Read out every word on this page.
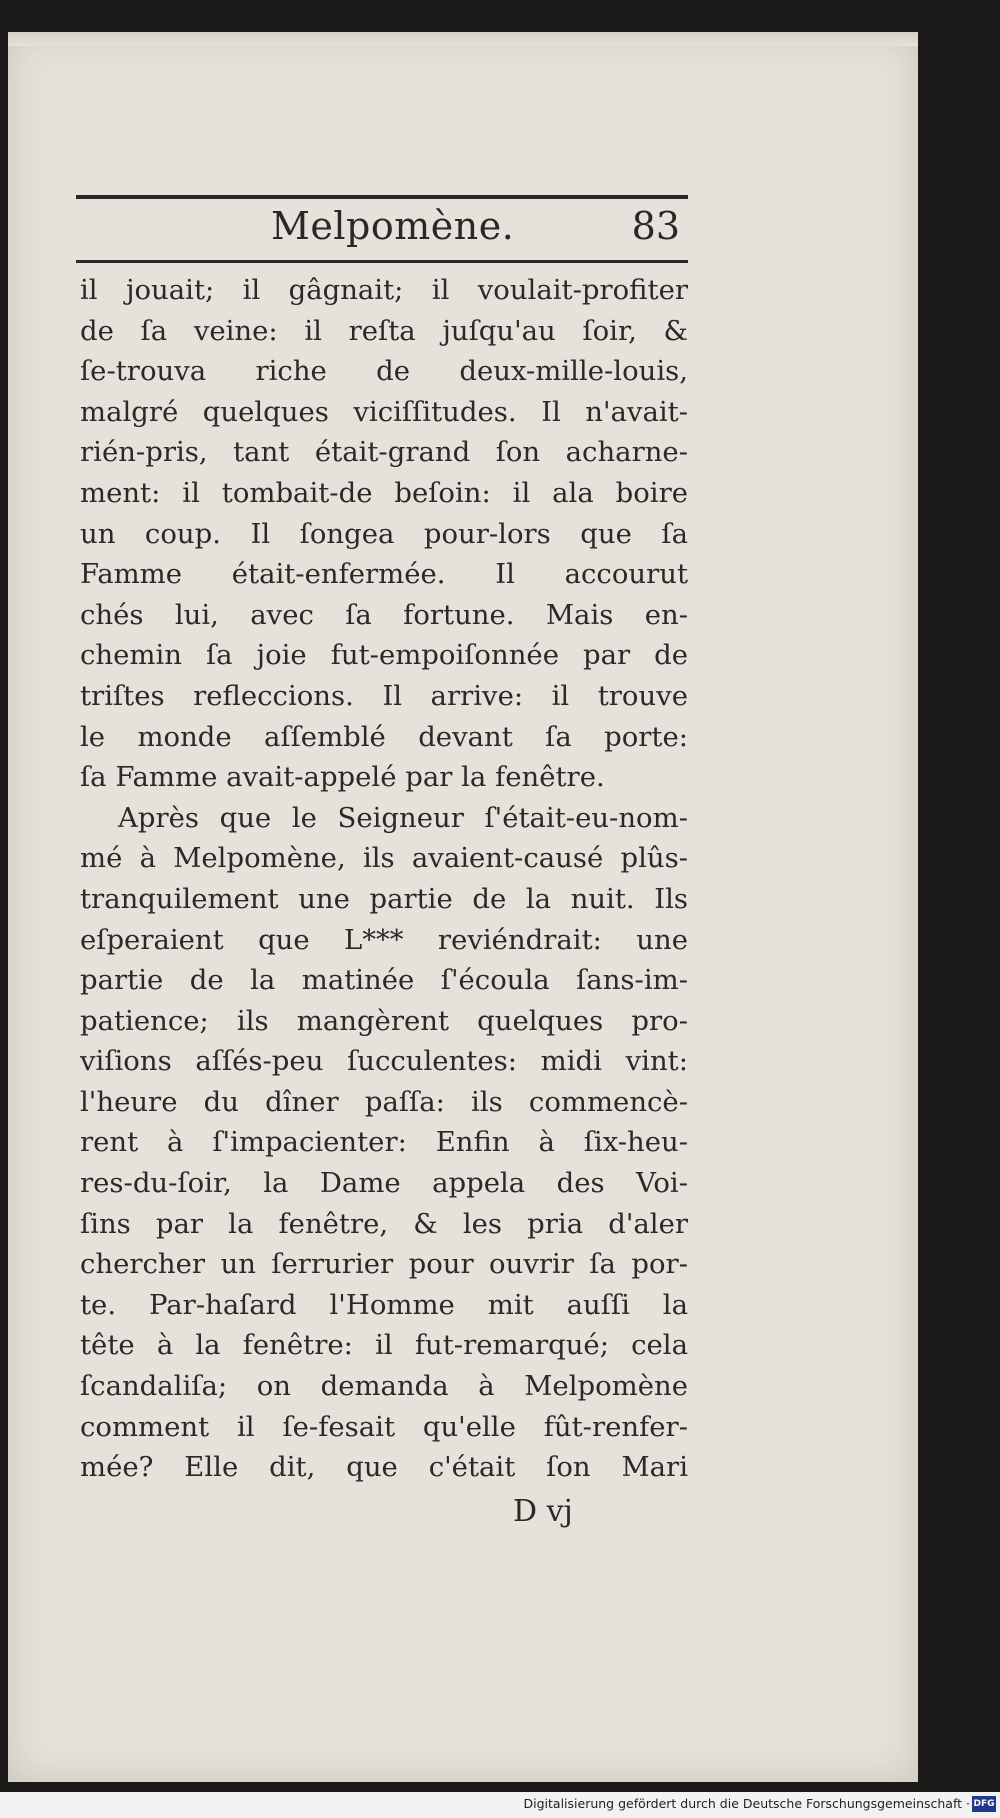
Melpomène.	83
il jouait; il gâgnait; il voulait-profiter
de ſa veine: il reſta juſqu'au ſoir, &
ſe-trouva riche de deux-mille-louis,
malgré quelques viciſſitudes. Il n'avait-
rién-pris, tant était-grand ſon acharne-
ment: il tombait-de beſoin: il ala boire
un coup. Il ſongea pour-lors que ſa
Famme était-enfermée. Il accourut
chés lui, avec ſa fortune. Mais en-
chemin ſa joie fut-empoiſonnée par de
triſtes refleccions. Il arrive: il trouve
le monde aſſemblé devant ſa porte:
ſa Famme avait-appelé par la fenêtre.
Après que le Seigneur ſ'était-eu-nom-
mé à Melpomène, ils avaient-causé plûs-
tranquilement une partie de la nuit. Ils
eſperaient que L*** reviéndrait: une
partie de la matinée ſ'écoula ſans-im-
patience; ils mangèrent quelques pro-
viſions aſſés-peu ſucculentes: midi vint:
l'heure du dîner paſſa: ils commencè-
rent à ſ'impacienter: Enfin à ſix-heu-
res-du-ſoir, la Dame appela des Voi-
ſins par la fenêtre, & les pria d'aler
chercher un ſerrurier pour ouvrir ſa por-
te. Par-haſard l'Homme mit auſſi la
tête à la fenêtre: il fut-remarqué; cela
ſcandaliſa; on demanda à Melpomène
comment il ſe-fesait qu'elle fût-renfer-
mée? Elle dit, que c'était ſon Mari
D vj
Digitalisierung gefördert durch die Deutsche Forschungsgemeinschaft · DFG
